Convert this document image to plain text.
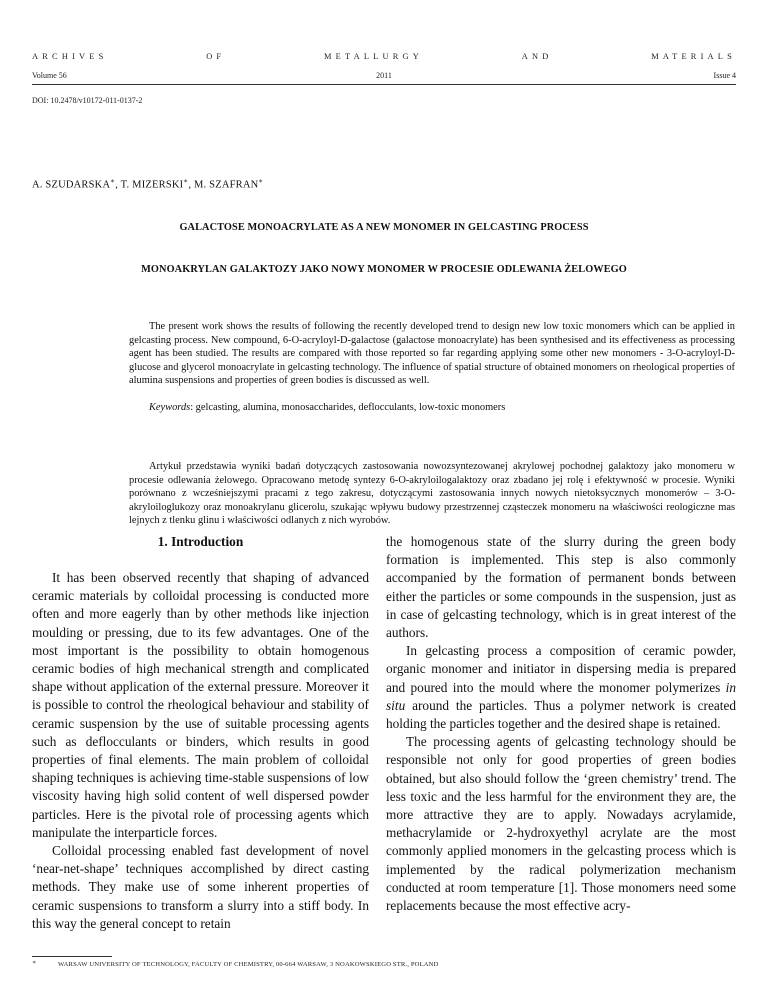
ARCHIVES	OF	METALLURGY	AND	MATERIALS
Volume 56	2011	Issue 4
DOI: 10.2478/v10172-011-0137-2
A. SZUDARSKA∗, T. MIZERSKI∗, M. SZAFRAN∗
GALACTOSE MONOACRYLATE AS A NEW MONOMER IN GELCASTING PROCESS
MONOAKRYLAN GALAKTOZY JAKO NOWY MONOMER W PROCESIE ODLEWANIA ŻELOWEGO

The present work shows the results of following the recently developed trend to design new low toxic monomers which can be applied in gelcasting process. New compound, 6-O-acryloyl-D-galactose (galactose monoacrylate) has been synthesised and its effectiveness as processing agent has been studied. The results are compared with those reported so far regarding applying some other new monomers - 3-O-acryloyl-D-glucose and glycerol monoacrylate in gelcasting technology. The influence of spatial structure of obtained monomers on rheological properties of alumina suspensions and properties of green bodies is discussed as well.

Keywords: gelcasting, alumina, monosaccharides, deflocculants, low-toxic monomers

Artykuł przedstawia wyniki badań dotyczących zastosowania nowozsyntezowanej akrylowej pochodnej galaktozy jako monomeru w procesie odlewania żelowego. Opracowano metodę syntezy 6-O-akryloilogalaktozy oraz zbadano jej rolę i efektywność w procesie. Wyniki porównano z wcześniejszymi pracami z tego zakresu, dotyczącymi zastosowania innych nowych nietoksycznych monomerów – 3-O-akryloiloglukozy oraz monoakrylanu glicerolu, szukając wpływu budowy przestrzennej cząsteczek monomeru na właściwości reologiczne mas lejnych z tlenku glinu i właściwości odlanych z nich wyrobów.

1. Introduction

It has been observed recently that shaping of advanced ceramic materials by colloidal processing is conducted more often and more eagerly than by other methods like injection moulding or pressing, due to its few advantages. One of the most important is the possibility to obtain homogenous ceramic bodies of high mechanical strength and complicated shape without application of the external pressure. Moreover it is possible to control the rheological behaviour and stability of ceramic suspension by the use of suitable processing agents such as deflocculants or binders, which results in good properties of final elements. The main problem of colloidal shaping techniques is achieving time-stable suspensions of low viscosity having high solid content of well dispersed powder particles. Here is the pivotal role of processing agents which manipulate the interparticle forces.

Colloidal processing enabled fast development of novel ‘near-net-shape’ techniques accomplished by direct casting methods. They make use of some inherent properties of ceramic suspensions to transform a slurry into a stiff body. In this way the general concept to retain

the homogenous state of the slurry during the green body formation is implemented. This step is also commonly accompanied by the formation of permanent bonds between either the particles or some compounds in the suspension, just as in case of gelcasting technology, which is in great interest of the authors.

In gelcasting process a composition of ceramic powder, organic monomer and initiator in dispersing media is prepared and poured into the mould where the monomer polymerizes in situ around the particles. Thus a polymer network is created holding the particles together and the desired shape is retained.

The processing agents of gelcasting technology should be responsible not only for good properties of green bodies obtained, but also should follow the ‘green chemistry’ trend. The less toxic and the less harmful for the environment they are, the more attractive they are to apply. Nowadays acrylamide, methacrylamide or 2-hydroxyethyl acrylate are the most commonly applied monomers in the gelcasting process which is implemented by the radical polymerization mechanism conducted at room temperature [1]. Those monomers need some replacements because the most effective acry-

∗	WARSAW UNIVERSITY OF TECHNOLOGY, FACULTY OF CHEMISTRY, 00-664 WARSAW, 3 NOAKOWSKIEGO STR., POLAND
